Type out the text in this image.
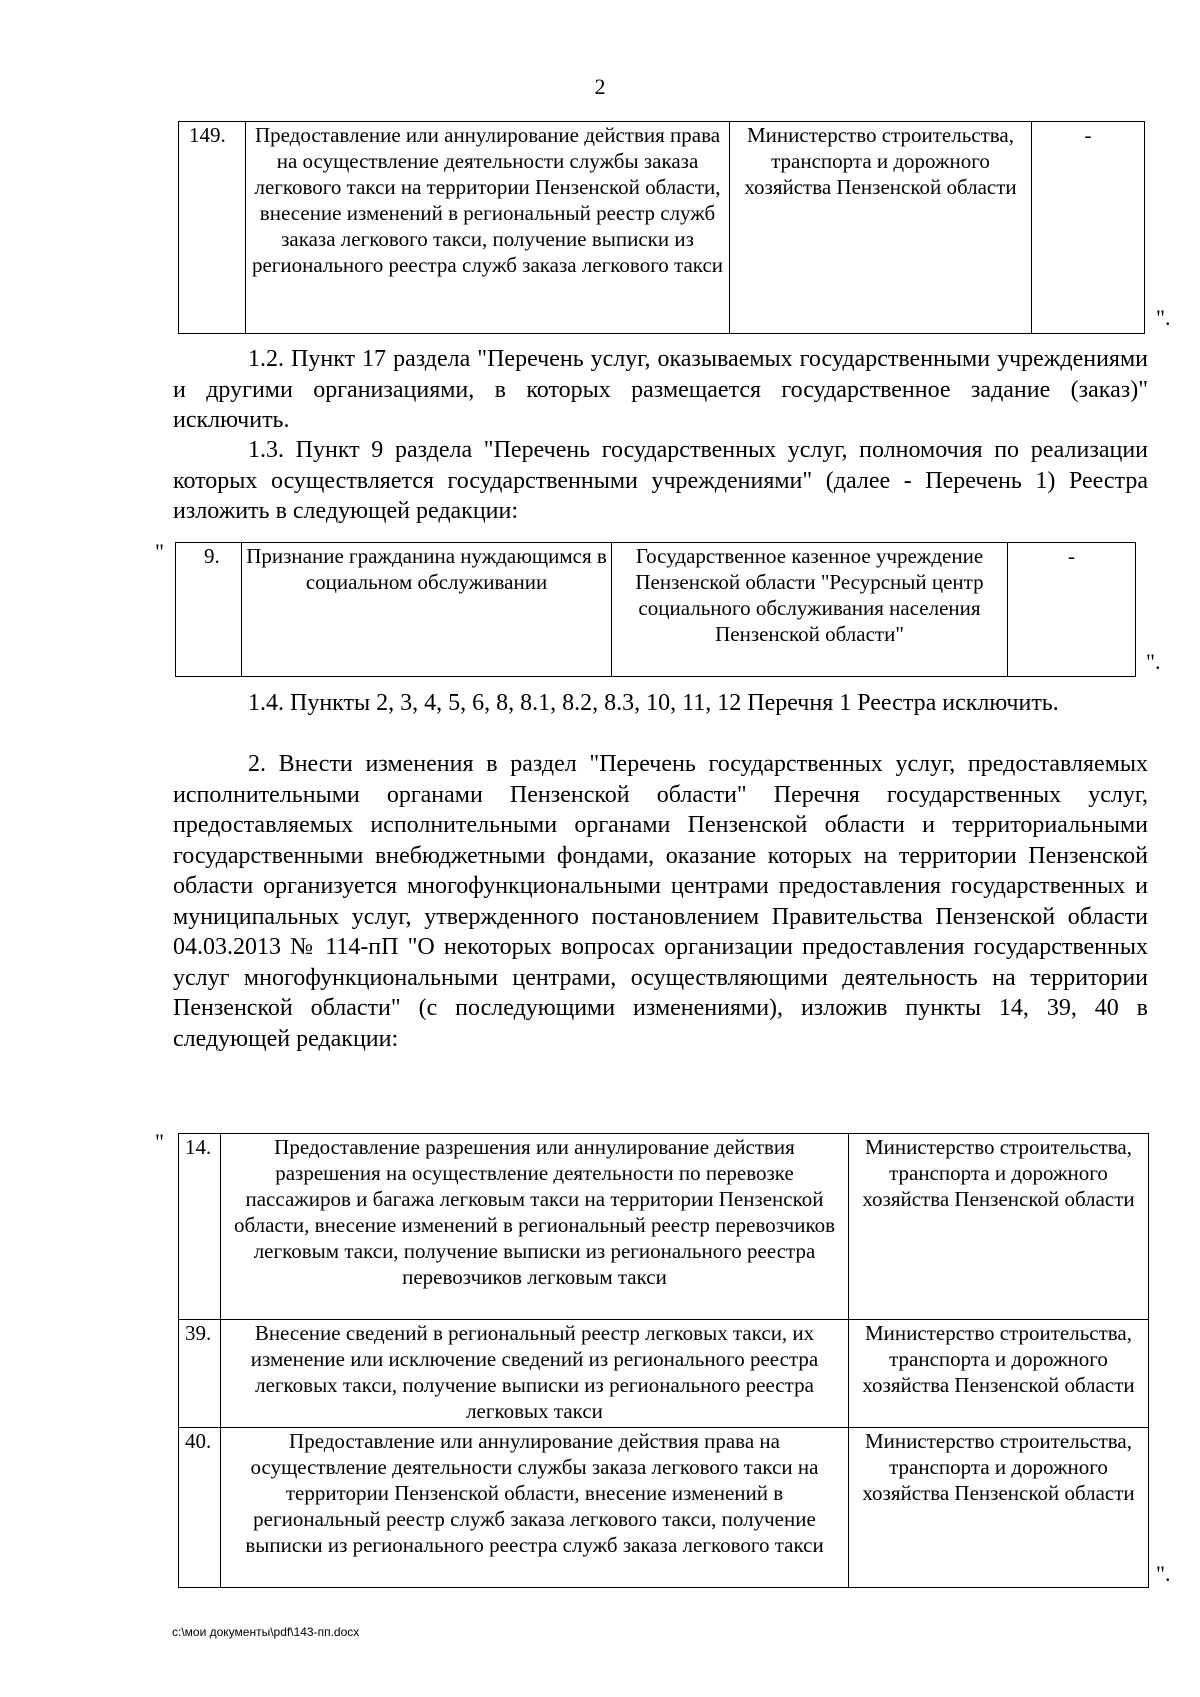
2
149.	Предоставление или аннулирование действия права на осуществление деятельности службы заказа легкового такси на территории Пензенской области, внесение изменений в региональный реестр служб заказа легкового такси, получение выписки из регионального реестра служб заказа легкового такси	Министерство строительства, транспорта и дорожного хозяйства Пензенской области	-
".

1.2. Пункт 17 раздела "Перечень услуг, оказываемых государственными учреждениями и другими организациями, в которых размещается государственное задание (заказ)" исключить.

1.3. Пункт 9 раздела "Перечень государственных услуг, полномочия по реализации которых осуществляется государственными учреждениями" (далее - Перечень 1) Реестра изложить в следующей редакции:

" 9.	Признание гражданина нуждающимся в социальном обслуживании	Государственное казенное учреждение Пензенской области "Ресурсный центр социального обслуживания населения Пензенской области"	-
".

1.4. Пункты 2, 3, 4, 5, 6, 8, 8.1, 8.2, 8.3, 10, 11, 12 Перечня 1 Реестра исключить.

2. Внести изменения в раздел "Перечень государственных услуг, предоставляемых исполнительными органами Пензенской области" Перечня государственных услуг, предоставляемых исполнительными органами Пензенской области и территориальными государственными внебюджетными фондами, оказание которых на территории Пензенской области организуется многофункциональными центрами предоставления государственных и муниципальных услуг, утвержденного постановлением Правительства Пензенской области 04.03.2013 № 114-пП "О некоторых вопросах организации предоставления государственных услуг многофункциональными центрами, осуществляющими деятельность на территории Пензенской области" (с последующими изменениями), изложив пункты 14, 39, 40 в следующей редакции:

" 14.	Предоставление разрешения или аннулирование действия разрешения на осуществление деятельности по перевозке пассажиров и багажа легковым такси на территории Пензенской области, внесение изменений в региональный реестр перевозчиков легковым такси, получение выписки из регионального реестра перевозчиков легковым такси	Министерство строительства, транспорта и дорожного хозяйства Пензенской области
39.	Внесение сведений в региональный реестр легковых такси, их изменение или исключение сведений из регионального реестра легковых такси, получение выписки из регионального реестра легковых такси	Министерство строительства, транспорта и дорожного хозяйства Пензенской области
40.	Предоставление или аннулирование действия права на осуществление деятельности службы заказа легкового такси на территории Пензенской области, внесение изменений в региональный реестр служб заказа легкового такси, получение выписки из регионального реестра служб заказа легкового такси	Министерство строительства, транспорта и дорожного хозяйства Пензенской области
".
c:\мои документы\pdf\143-пп.docx
